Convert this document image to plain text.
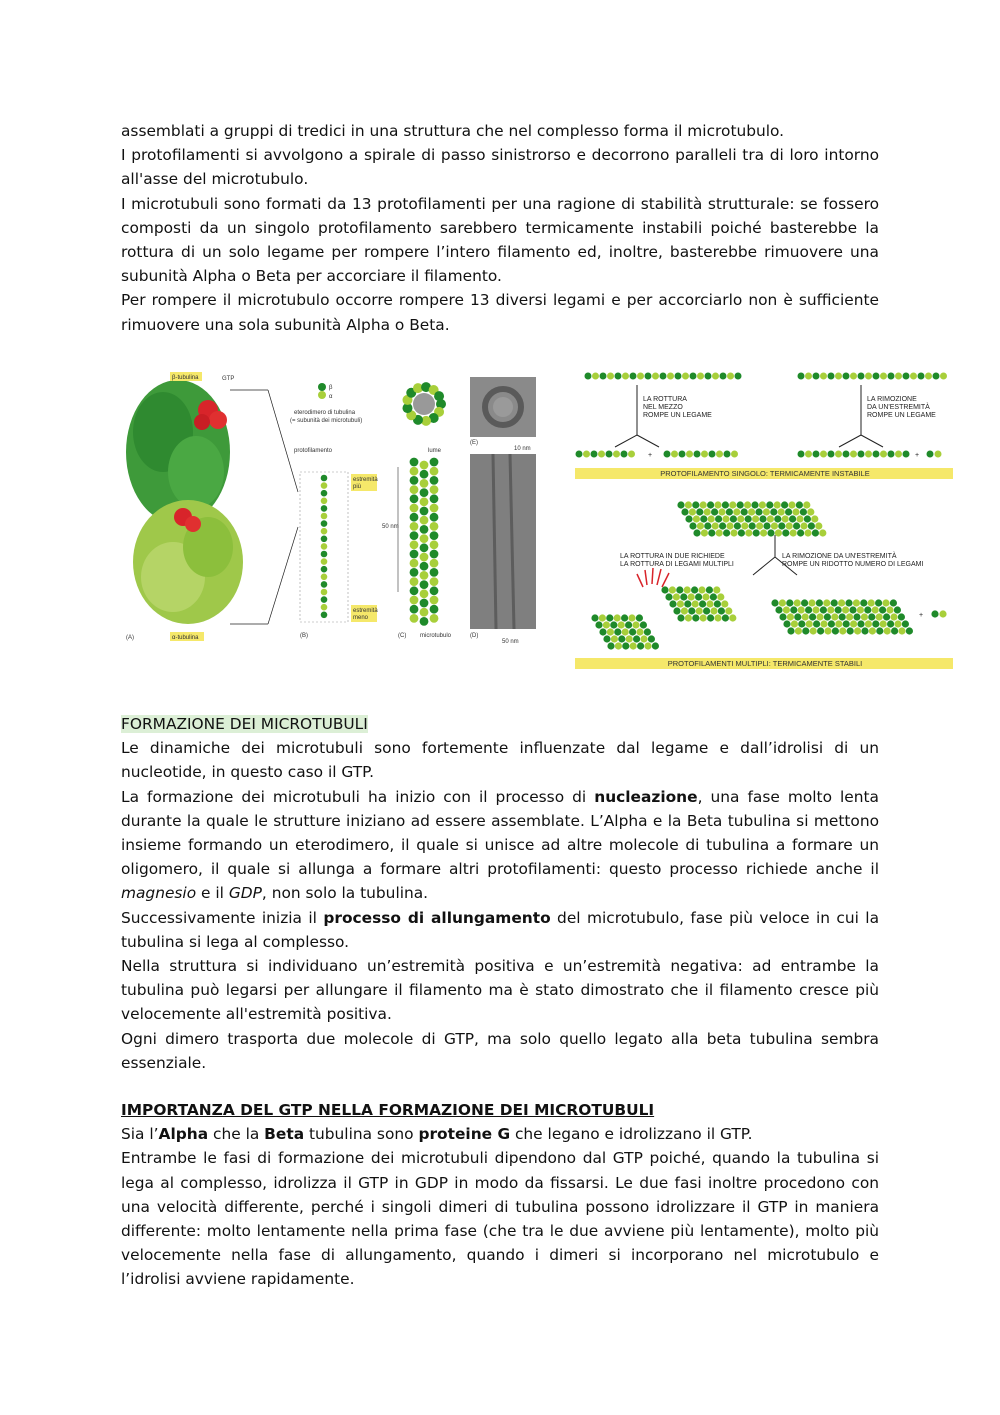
assemblati a gruppi di tredici in una struttura che nel complesso forma il microtubulo.

I protofilamenti si avvolgono a spirale di passo sinistrorso e decorrono paralleli tra di loro intorno all'asse del microtubulo.

I microtubuli sono formati da 13 protofilamenti per una ragione di stabilità strutturale: se fossero composti da un singolo protofilamento sarebbero termicamente instabili poiché basterebbe la rottura di un solo legame per rompere l’intero filamento ed, inoltre, basterebbe rimuovere una subunità Alpha o Beta per accorciare il filamento.

Per rompere il microtubulo occorre rompere 13 diversi legami e per accorciarlo non è sufficiente rimuovere una sola subunità Alpha o Beta.

β-tubulina	GTP
α-tubulina
(A)
β
α
eterodimero di tubulina
(= subunità dei microtubuli)
protofilamento
estremità
più
estremità
meno
(B)
50 nm
lume
(C) microtubulo
(E)
10 nm
(D)
50 nm
LA ROTTURA
NEL MEZZO
ROMPE UN LEGAME
LA RIMOZIONE
DA UN'ESTREMITÀ
ROMPE UN LEGAME
+	+
PROTOFILAMENTO SINGOLO: TERMICAMENTE INSTABILE
LA ROTTURA IN DUE RICHIEDE
LA ROTTURA DI LEGAMI MULTIPLI
LA RIMOZIONE DA UN'ESTREMITÀ
ROMPE UN RIDOTTO NUMERO DI LEGAMI
+
PROTOFILAMENTI MULTIPLI: TERMICAMENTE STABILI

FORMAZIONE DEI MICROTUBULI

Le dinamiche dei microtubuli sono fortemente influenzate dal legame e dall’idrolisi di un nucleotide, in questo caso il GTP.

La formazione dei microtubuli ha inizio con il processo di nucleazione, una fase molto lenta durante la quale le strutture iniziano ad essere assemblate. L’Alpha e la Beta tubulina si mettono insieme formando un eterodimero, il quale si unisce ad altre molecole di tubulina a formare un oligomero, il quale si allunga a formare altri protofilamenti: questo processo richiede anche il magnesio e il GDP, non solo la tubulina.

Successivamente inizia il processo di allungamento del microtubulo, fase più veloce in cui la tubulina si lega al complesso.

Nella struttura si individuano un’estremità positiva e un’estremità negativa: ad entrambe la tubulina può legarsi per allungare il filamento ma è stato dimostrato che il filamento cresce più velocemente all'estremità positiva.

Ogni dimero trasporta due molecole di GTP, ma solo quello legato alla beta tubulina sembra essenziale.

IMPORTANZA DEL GTP NELLA FORMAZIONE DEI MICROTUBULI

Sia l’Alpha che la Beta tubulina sono proteine G che legano e idrolizzano il GTP.

Entrambe le fasi di formazione dei microtubuli dipendono dal GTP poiché, quando la tubulina si lega al complesso, idrolizza il GTP in GDP in modo da fissarsi. Le due fasi inoltre procedono con una velocità differente, perché i singoli dimeri di tubulina possono idrolizzare il GTP in maniera differente: molto lentamente nella prima fase (che tra le due avviene più lentamente), molto più velocemente nella fase di allungamento, quando i dimeri si incorporano nel microtubulo e l’idrolisi avviene rapidamente.
